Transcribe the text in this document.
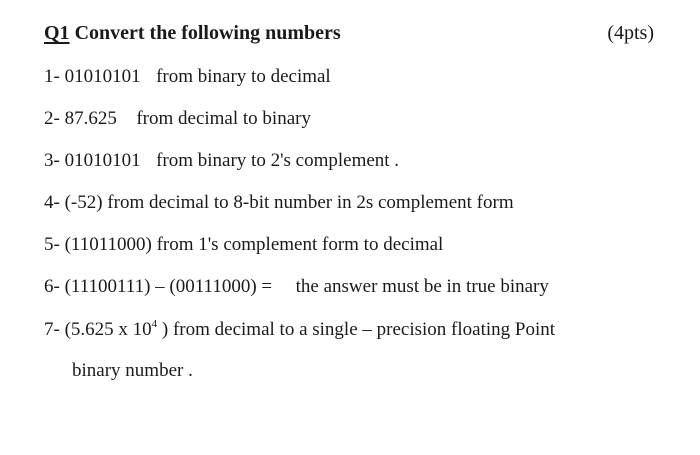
Q1 Convert the following numbers	(4pts)
1- 01010101 from binary to decimal
2- 87.625 from decimal to binary
3- 01010101 from binary to 2's complement .
4- (-52) from decimal to 8-bit number in 2s complement form
5- (11011000) from 1's complement form to decimal
6- (11100111) – (00111000) = the answer must be in true binary
7- (5.625 x $10^4$ ) from decimal to a single – precision floating Point
binary number .
